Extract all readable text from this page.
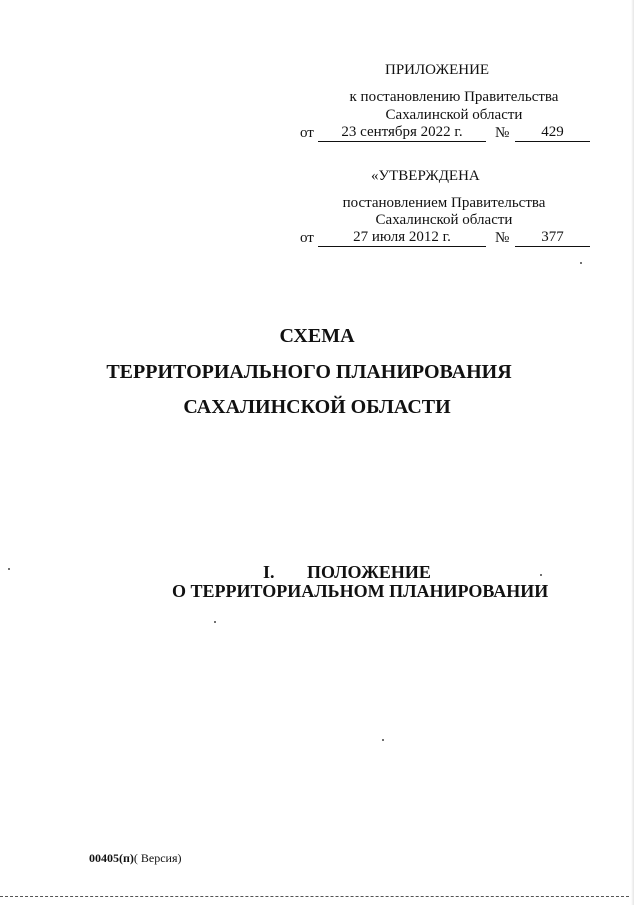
ПРИЛОЖЕНИЕ
к постановлению Правительства
Сахалинской области
от	23 сентября 2022 г.	№	429
«УТВЕРЖДЕНА
постановлением Правительства
Сахалинской области
от	27 июля 2012 г.	№	377
СХЕМА
ТЕРРИТОРИАЛЬНОГО ПЛАНИРОВАНИЯ
САХАЛИНСКОЙ ОБЛАСТИ
I. ПОЛОЖЕНИЕ
О ТЕРРИТОРИАЛЬНОМ ПЛАНИРОВАНИИ
00405(п)( Версия)
